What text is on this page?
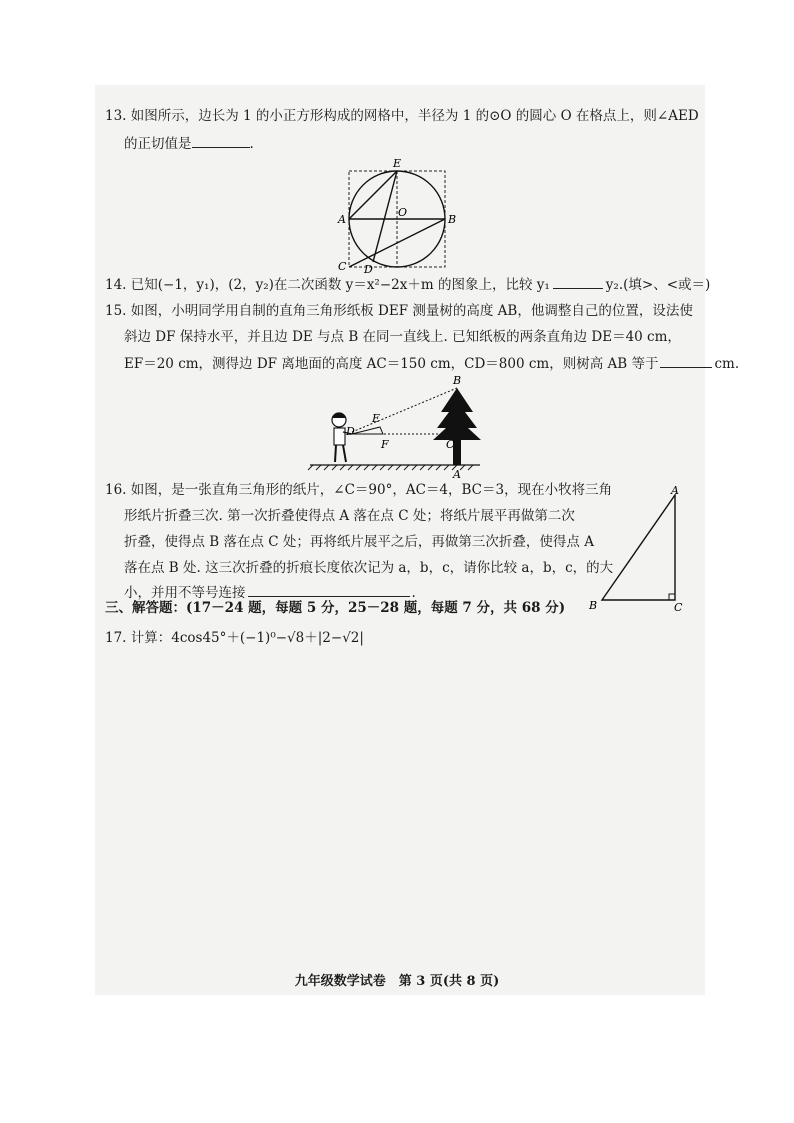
13. 如图所示，边长为 1 的小正方形构成的网格中，半径为 1 的⊙O 的圆心 O 在格点上，则∠AED
的正切值是	.
E
A
O
B
C D
14. 已知(−1，y₁)，(2，y₂)在二次函数 y＝x²−2x＋m 的图象上，比较 y₁	y₂.(填>、<或＝)
15. 如图，小明同学用自制的直角三角形纸板 DEF 测量树的高度 AB，他调整自己的位置，设法使
斜边 DF 保持水平，并且边 DE 与点 B 在同一直线上. 已知纸板的两条直角边 DE＝40 cm，
EF＝20 cm，测得边 DF 离地面的高度 AC＝150 cm，CD＝800 cm，则树高 AB 等于	cm.
B
E
D
F	C
A
16. 如图，是一张直角三角形的纸片，∠C＝90°，AC＝4，BC＝3，现在小牧将三角
形纸片折叠三次. 第一次折叠使得点 A 落在点 C 处；将纸片展平再做第二次
折叠，使得点 B 落在点 C 处；再将纸片展平之后，再做第三次折叠，使得点 A
落在点 B 处. 这三次折叠的折痕长度依次记为 a，b，c，请你比较 a，b，c，的大
小，并用不等号连接	.
A
B	C
三、解答题：(17－24 题，每题 5 分，25－28 题，每题 7 分，共 68 分)
17. 计算：4cos45°＋(−1)⁰−√8＋|2−√2|
九年级数学试卷　第 3 页(共 8 页)
